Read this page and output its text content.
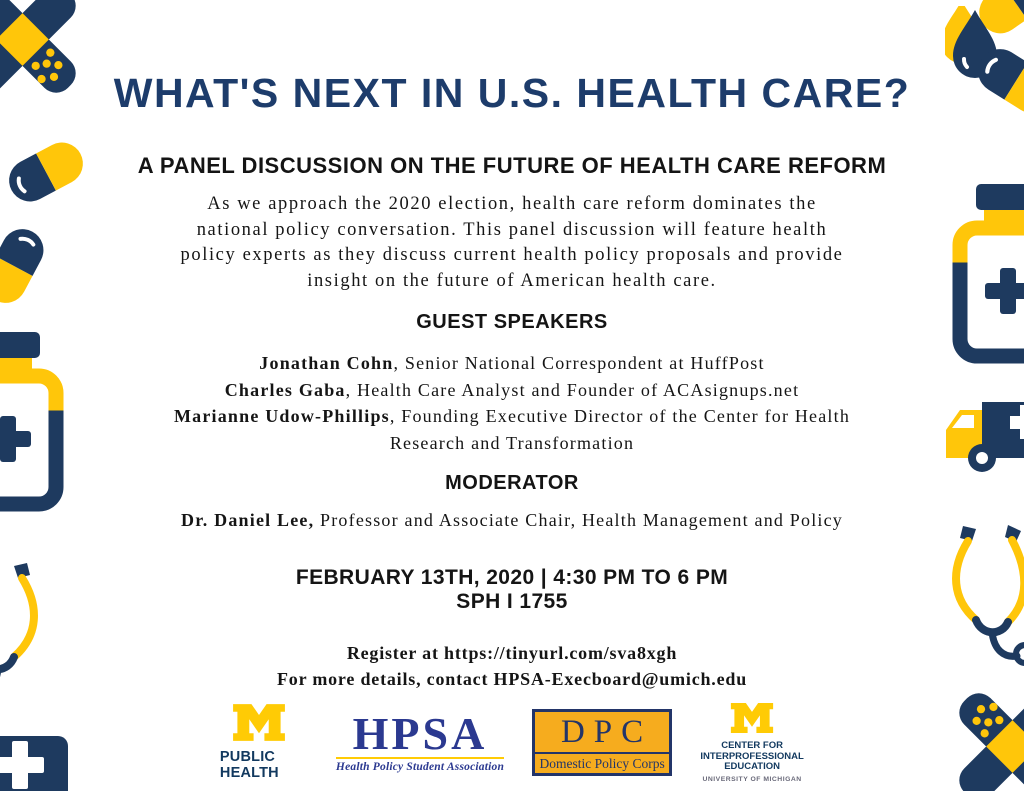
WHAT'S NEXT IN U.S. HEALTH CARE?
A PANEL DISCUSSION ON THE FUTURE OF HEALTH CARE REFORM
As we approach the 2020 election, health care reform dominates the
national policy conversation. This panel discussion will feature health
policy experts as they discuss current health policy proposals and provide
insight on the future of American health care.
GUEST SPEAKERS
Jonathan Cohn, Senior National Correspondent at HuffPost
Charles Gaba, Health Care Analyst and Founder of ACAsignups.net
Marianne Udow-Phillips, Founding Executive Director of the Center for Health Research and Transformation
MODERATOR
Dr. Daniel Lee, Professor and Associate Chair, Health Management and Policy
FEBRUARY 13TH, 2020 | 4:30 PM TO 6 PM
SPH I 1755
Register at https://tinyurl.com/sva8xgh
For more details, contact HPSA-Execboard@umich.edu
PUBLIC
HEALTH
HPSA
Health Policy Student Association
DPC
Domestic Policy Corps
CENTER FOR
INTERPROFESSIONAL
EDUCATION
UNIVERSITY OF MICHIGAN
